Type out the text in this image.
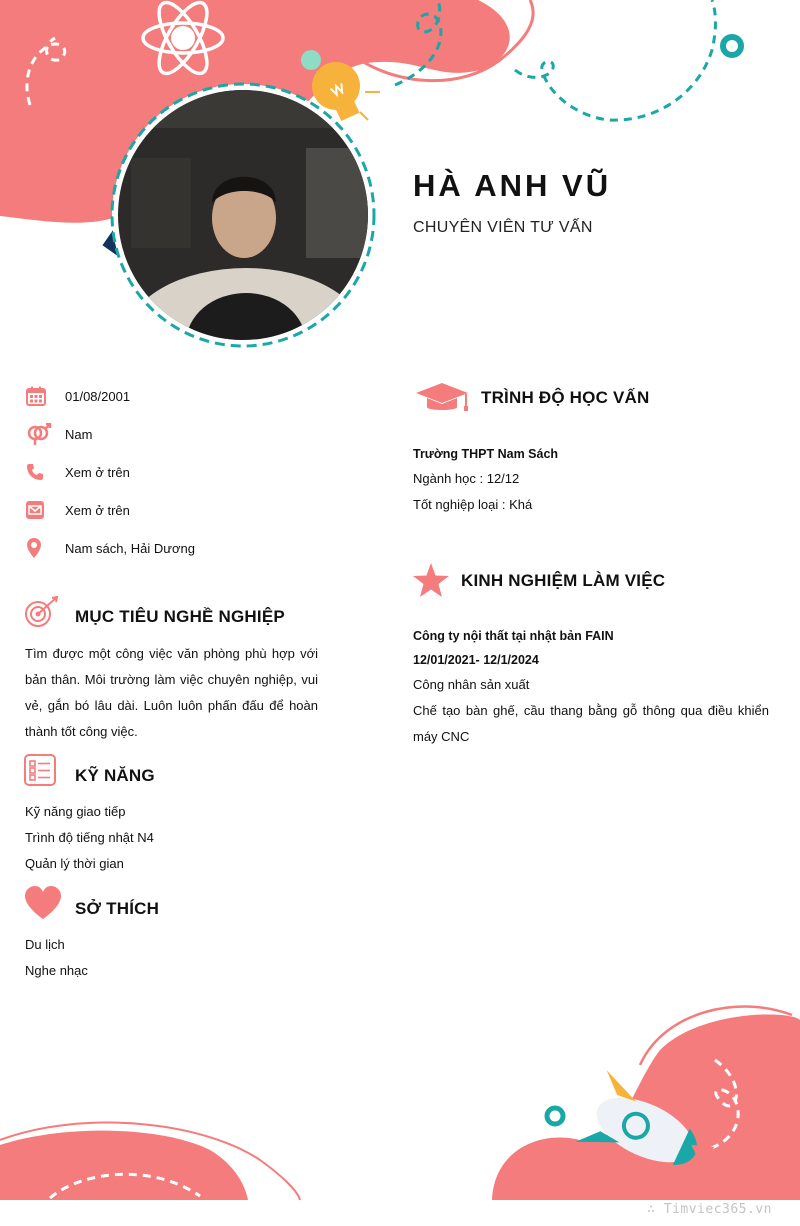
HÀ ANH VŨ
CHUYÊN VIÊN TƯ VẤN
01/08/2001
Nam
Xem ở trên
Xem ở trên
Nam sách, Hải Dương
MỤC TIÊU NGHỀ NGHIỆP
Tìm được một công việc văn phòng phù hợp với
bản thân. Môi trường làm việc chuyên nghiệp, vui
vẻ, gắn bó lâu dài. Luôn luôn phấn đấu để hoàn
thành tốt công việc.
KỸ NĂNG
Kỹ năng giao tiếp
Trình độ tiếng nhật N4
Quản lý thời gian
SỞ THÍCH
Du lịch
Nghe nhạc
TRÌNH ĐỘ HỌC VẤN
Trường THPT Nam Sách
Ngành học : 12/12
Tốt nghiệp loại : Khá
KINH NGHIỆM LÀM VIỆC
Công ty nội thất tại nhật bản FAIN
12/01/2021- 12/1/2024
Công nhân sản xuất
Chế tạo bàn ghế, cầu thang bằng gỗ thông qua điều khiển
máy CNC
∴ Timviec365.vn
